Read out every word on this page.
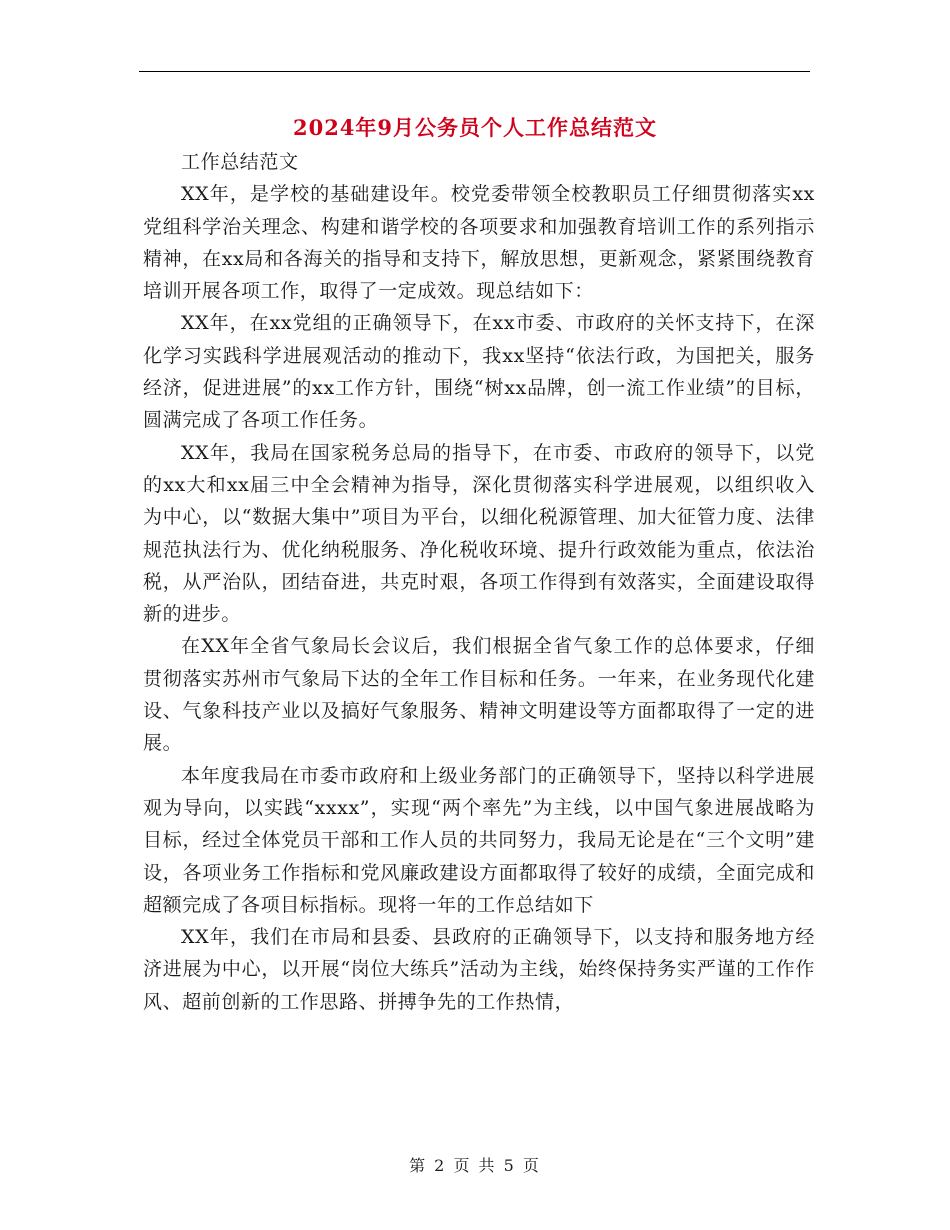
2024年9月公务员个人工作总结范文

工作总结范文

XX年，是学校的基础建设年。校党委带领全校教职员工仔细贯彻落实xx党组科学治关理念、构建和谐学校的各项要求和加强教育培训工作的系列指示精神，在xx局和各海关的指导和支持下，解放思想，更新观念，紧紧围绕教育培训开展各项工作，取得了一定成效。现总结如下：

XX年，在xx党组的正确领导下，在xx市委、市政府的关怀支持下，在深化学习实践科学进展观活动的推动下，我xx坚持“依法行政，为国把关，服务经济，促进进展”的xx工作方针，围绕“树xx品牌，创一流工作业绩”的目标，圆满完成了各项工作任务。

XX年，我局在国家税务总局的指导下，在市委、市政府的领导下，以党的xx大和xx届三中全会精神为指导，深化贯彻落实科学进展观，以组织收入为中心，以“数据大集中”项目为平台，以细化税源管理、加大征管力度、法律规范执法行为、优化纳税服务、净化税收环境、提升行政效能为重点，依法治税，从严治队，团结奋进，共克时艰，各项工作得到有效落实，全面建设取得新的进步。

在XX年全省气象局长会议后，我们根据全省气象工作的总体要求，仔细贯彻落实苏州市气象局下达的全年工作目标和任务。一年来，在业务现代化建设、气象科技产业以及搞好气象服务、精神文明建设等方面都取得了一定的进展。

本年度我局在市委市政府和上级业务部门的正确领导下，坚持以科学进展观为导向，以实践“xxxx”，实现“两个率先”为主线，以中国气象进展战略为目标，经过全体党员干部和工作人员的共同努力，我局无论是在“三个文明”建设，各项业务工作指标和党风廉政建设方面都取得了较好的成绩，全面完成和超额完成了各项目标指标。现将一年的工作总结如下

XX年，我们在市局和县委、县政府的正确领导下，以支持和服务地方经济进展为中心，以开展“岗位大练兵”活动为主线，始终保持务实严谨的工作作风、超前创新的工作思路、拼搏争先的工作热情，

第 2 页 共 5 页
